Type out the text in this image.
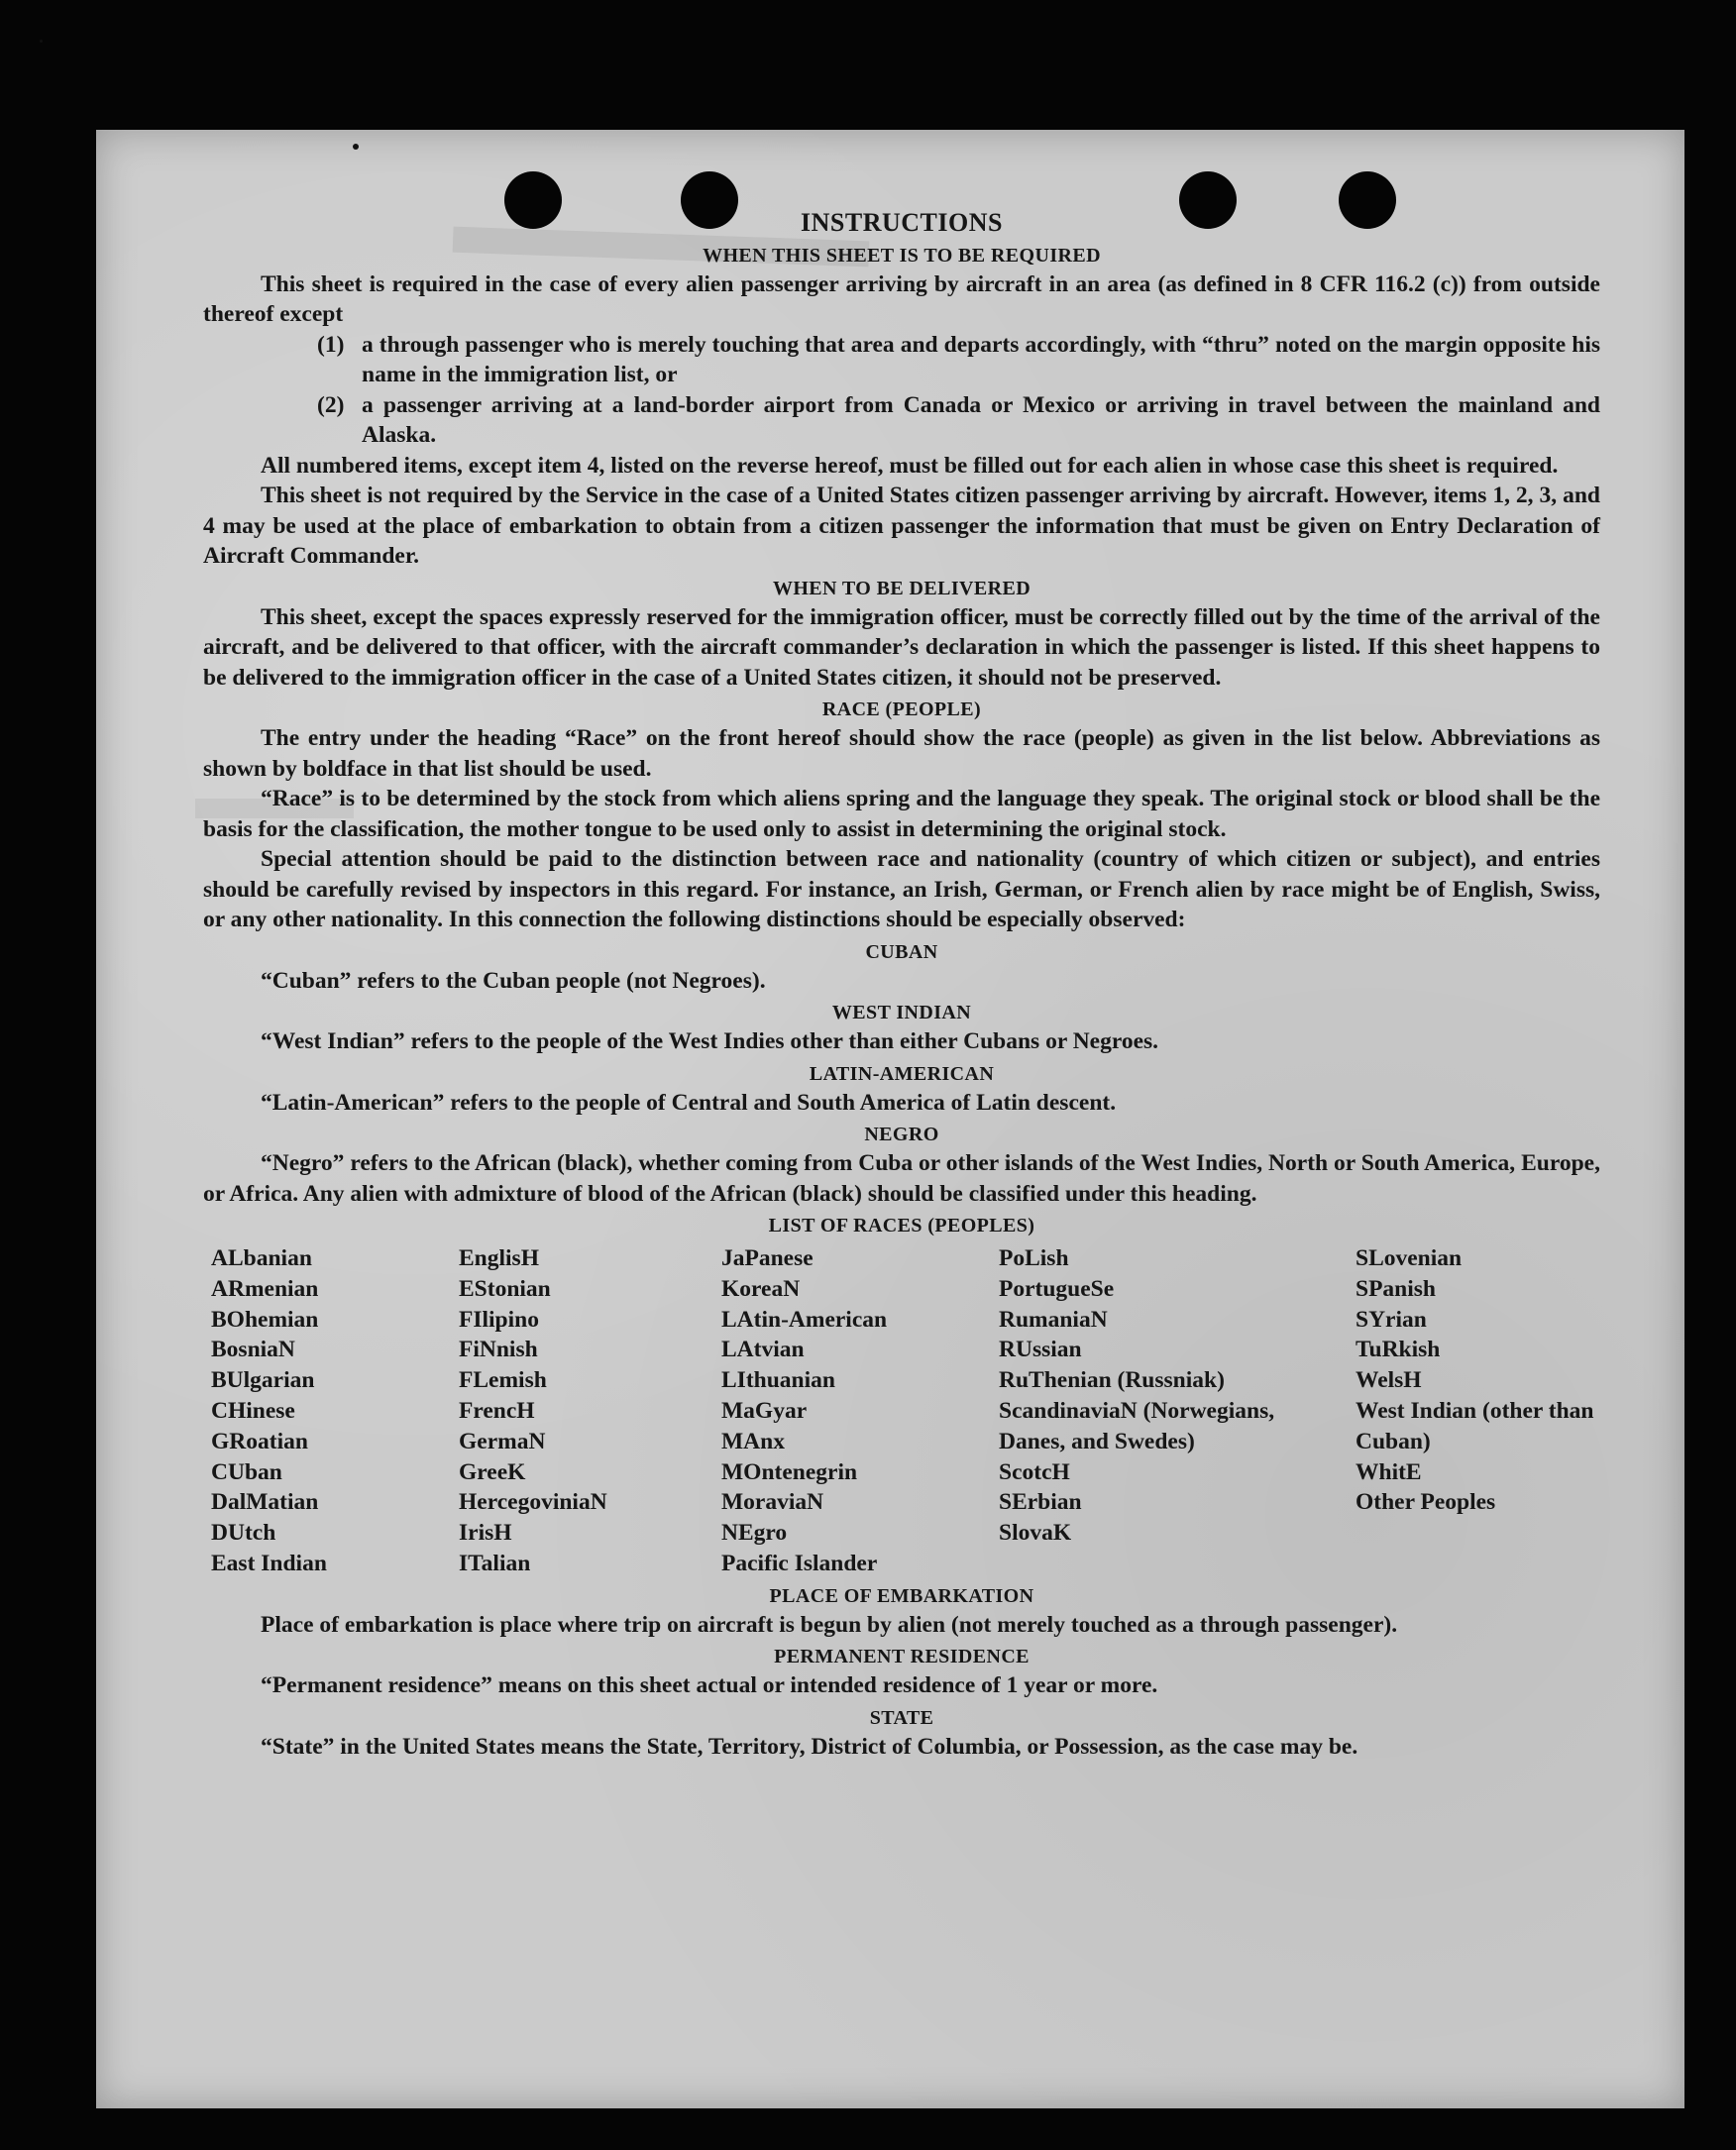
INSTRUCTIONS
WHEN THIS SHEET IS TO BE REQUIRED

This sheet is required in the case of every alien passenger arriving by aircraft in an area (as defined in 8 CFR 116.2 (c)) from outside thereof except

(1) a through passenger who is merely touching that area and departs accordingly, with “thru” noted on the margin opposite his name in the immigration list, or
(2) a passenger arriving at a land-border airport from Canada or Mexico or arriving in travel between the mainland and Alaska.

All numbered items, except item 4, listed on the reverse hereof, must be filled out for each alien in whose case this sheet is required.

This sheet is not required by the Service in the case of a United States citizen passenger arriving by aircraft. However, items 1, 2, 3, and 4 may be used at the place of embarkation to obtain from a citizen passenger the information that must be given on Entry Declaration of Aircraft Commander.

WHEN TO BE DELIVERED

This sheet, except the spaces expressly reserved for the immigration officer, must be correctly filled out by the time of the arrival of the aircraft, and be delivered to that officer, with the aircraft commander’s declaration in which the passenger is listed. If this sheet happens to be delivered to the immigration officer in the case of a United States citizen, it should not be preserved.

RACE (PEOPLE)

The entry under the heading “Race” on the front hereof should show the race (people) as given in the list below. Abbreviations as shown by boldface in that list should be used.

“Race” is to be determined by the stock from which aliens spring and the language they speak. The original stock or blood shall be the basis for the classification, the mother tongue to be used only to assist in determining the original stock.

Special attention should be paid to the distinction between race and nationality (country of which citizen or subject), and entries should be carefully revised by inspectors in this regard. For instance, an Irish, German, or French alien by race might be of English, Swiss, or any other nationality. In this connection the following distinctions should be especially observed:

CUBAN

“Cuban” refers to the Cuban people (not Negroes).

WEST INDIAN

“West Indian” refers to the people of the West Indies other than either Cubans or Negroes.

LATIN-AMERICAN

“Latin-American” refers to the people of Central and South America of Latin descent.

NEGRO

“Negro” refers to the African (black), whether coming from Cuba or other islands of the West Indies, North or South America, Europe, or Africa. Any alien with admixture of blood of the African (black) should be classified under this heading.

LIST OF RACES (PEOPLES)
ALbanian
ARmenian
BOhemian
BosniaN
BUlgarian
CHinese
GRoatian
CUban
DalMatian
DUtch
East Indian
EnglisH
EStonian
FIlipino
FiNnish
FLemish
FrencH
GermaN
GreeK
HercegoviniaN
IrisH
ITalian
JaPanese
KoreaN
LAtin-American
LAtvian
LIthuanian
MaGyar
MAnx
MOntenegrin
MoraviaN
NEgro
Pacific Islander
PoLish
PortugueSe
RumaniaN
RUssian
RuThenian (Russniak)
ScandinaviaN (Norwegians, Danes, and Swedes)
ScotcH
SErbian
SlovaK
SLovenian
SPanish
SYrian
TuRkish
WelsH
West Indian (other than Cuban)
WhitE
Other Peoples
PLACE OF EMBARKATION

Place of embarkation is place where trip on aircraft is begun by alien (not merely touched as a through passenger).

PERMANENT RESIDENCE

“Permanent residence” means on this sheet actual or intended residence of 1 year or more.

STATE

“State” in the United States means the State, Territory, District of Columbia, or Possession, as the case may be.
